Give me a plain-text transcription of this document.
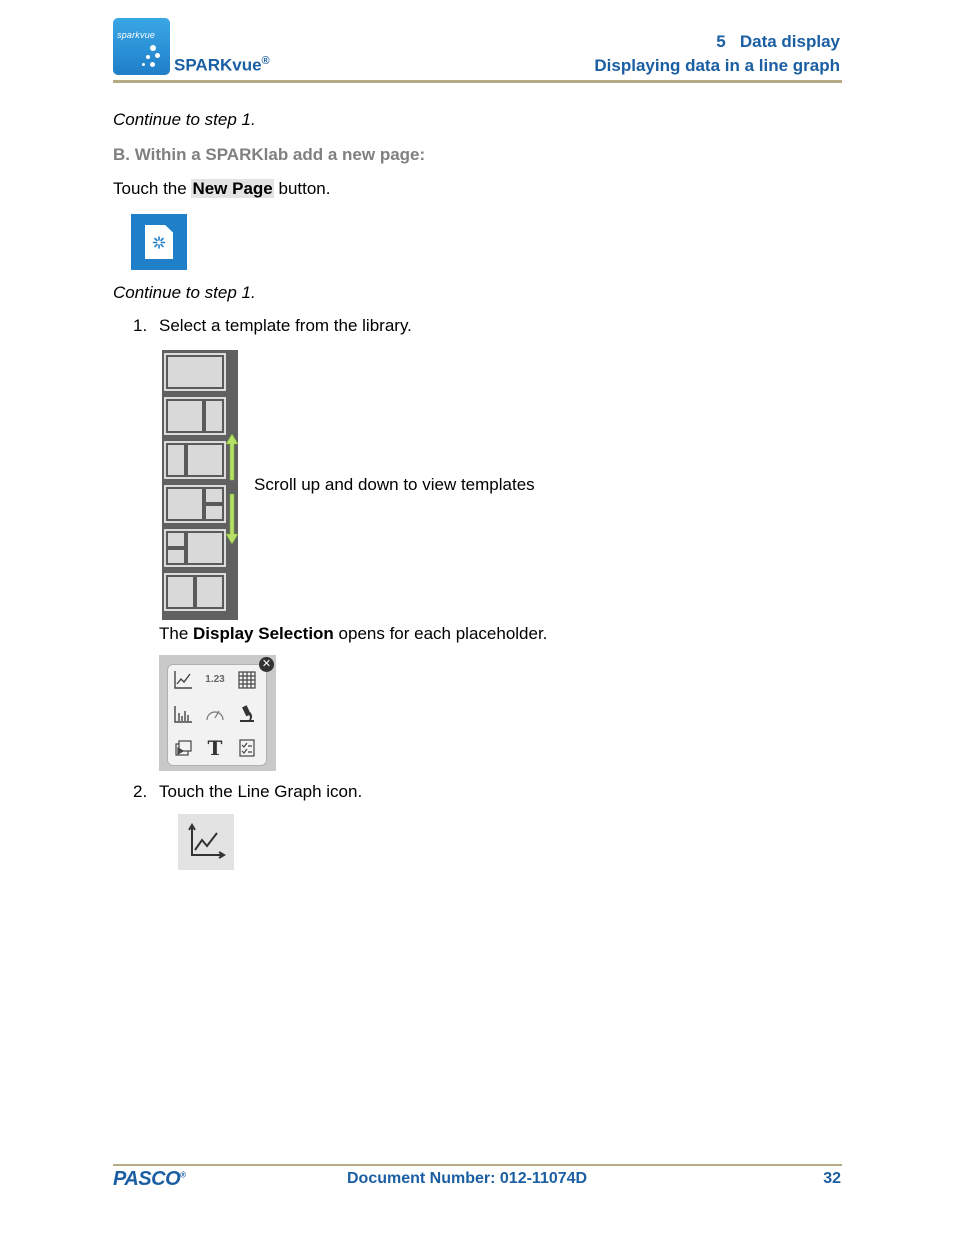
sparkvue
SPARKvue®
5   Data display
Displaying data in a line graph
Continue to step 1.
B. Within a SPARKlab add a new page:
Touch the New Page button.
Continue to step 1.
1. Select a template from the library.
Scroll up and down to view templates
The Display Selection opens for each placeholder.
1.23
T
✕
2. Touch the Line Graph icon.
PASCO®	Document Number: 012-11074D	32
